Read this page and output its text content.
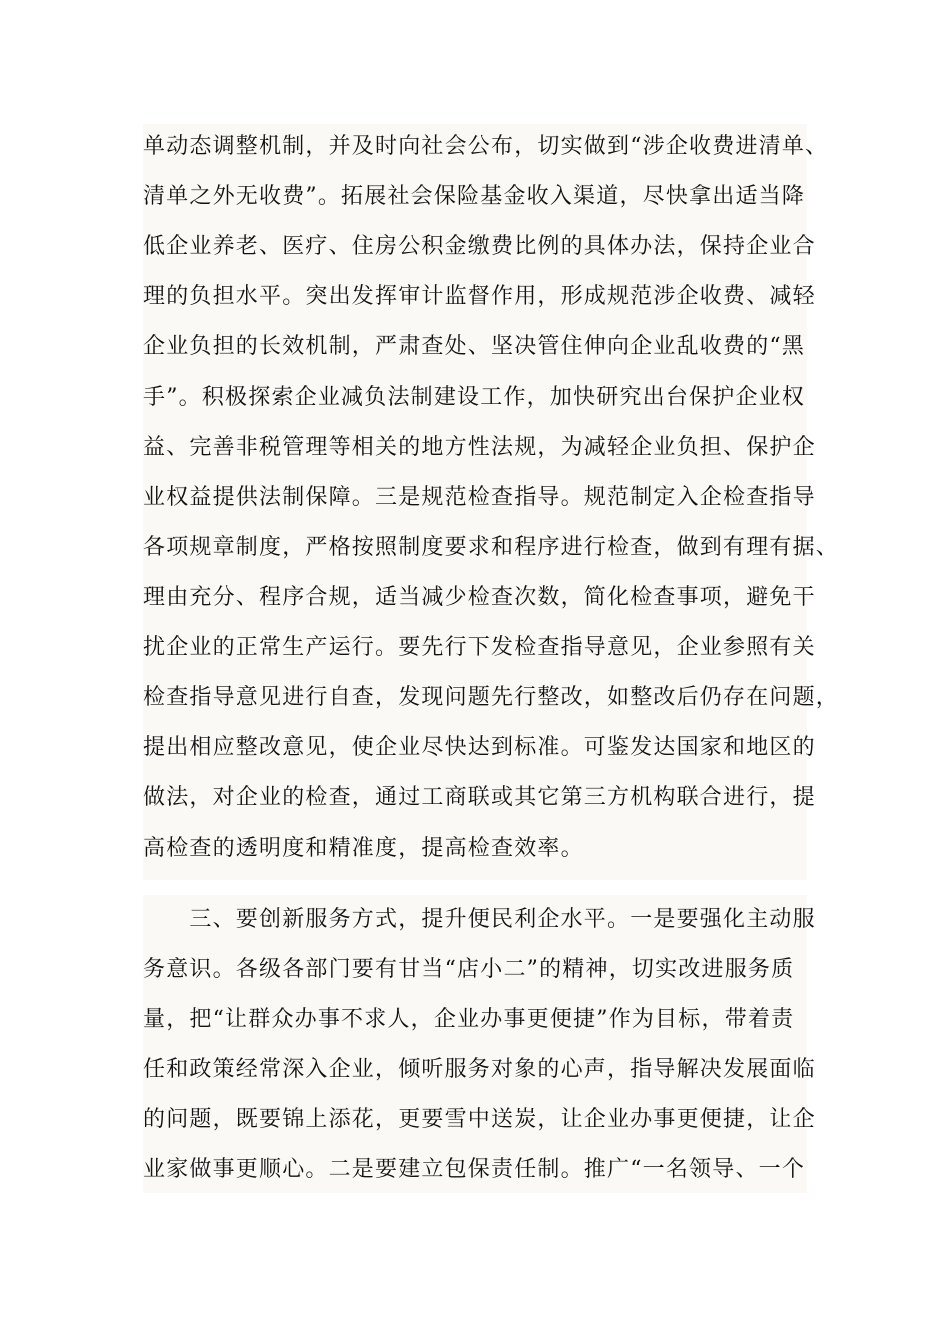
单动态调整机制，并及时向社会公布，切实做到“涉企收费进清单、
清单之外无收费”。拓展社会保险基金收入渠道，尽快拿出适当降
低企业养老、医疗、住房公积金缴费比例的具体办法，保持企业合
理的负担水平。突出发挥审计监督作用，形成规范涉企收费、减轻
企业负担的长效机制，严肃查处、坚决管住伸向企业乱收费的“黑
手”。积极探索企业减负法制建设工作，加快研究出台保护企业权
益、完善非税管理等相关的地方性法规，为减轻企业负担、保护企
业权益提供法制保障。三是规范检查指导。规范制定入企检查指导
各项规章制度，严格按照制度要求和程序进行检查，做到有理有据、
理由充分、程序合规，适当减少检查次数，简化检查事项，避免干
扰企业的正常生产运行。要先行下发检查指导意见，企业参照有关
检查指导意见进行自查，发现问题先行整改，如整改后仍存在问题，
提出相应整改意见，使企业尽快达到标准。可鉴发达国家和地区的
做法，对企业的检查，通过工商联或其它第三方机构联合进行，提
高检查的透明度和精准度，提高检查效率。
　　三、要创新服务方式，提升便民利企水平。一是要强化主动服
务意识。各级各部门要有甘当“店小二”的精神，切实改进服务质
量，把“让群众办事不求人，企业办事更便捷”作为目标，带着责
任和政策经常深入企业，倾听服务对象的心声，指导解决发展面临
的问题，既要锦上添花，更要雪中送炭，让企业办事更便捷，让企
业家做事更顺心。二是要建立包保责任制。推广“一名领导、一个
